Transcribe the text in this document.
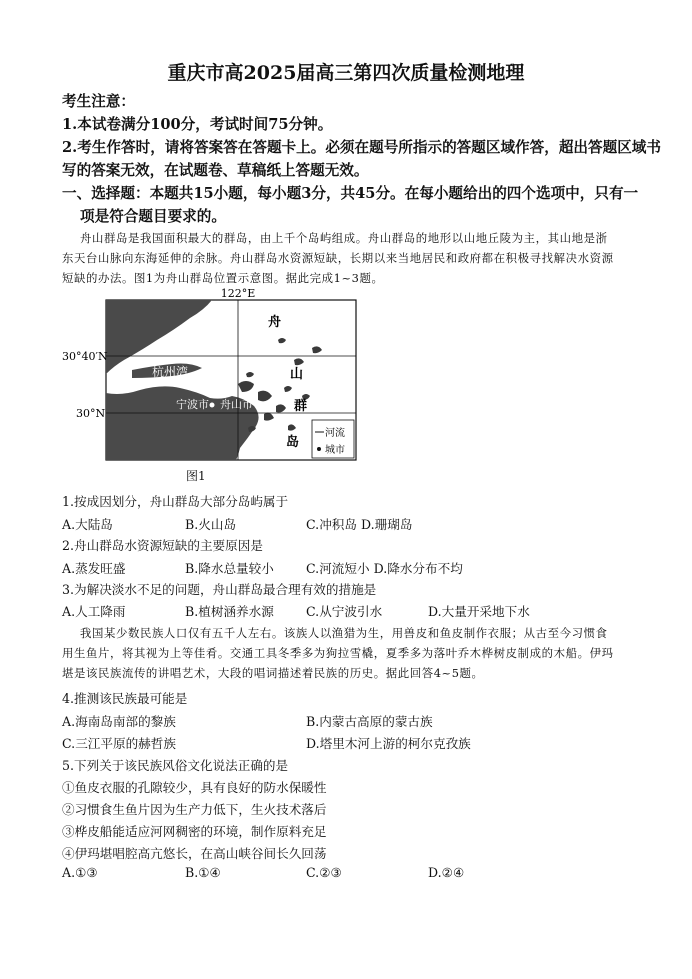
重庆市高2025届高三第四次质量检测地理
考生注意：
1.本试卷满分100分，考试时间75分钟。
2.考生作答时，请将答案答在答题卡上。必须在题号所指示的答题区域作答，超出答题区域书
写的答案无效，在试题卷、草稿纸上答题无效。
一、选择题：本题共15小题，每小题3分，共45分。在每小题给出的四个选项中，只有一
项是符合题目要求的。
舟山群岛是我国面积最大的群岛，由上千个岛屿组成。舟山群岛的地形以山地丘陵为主，其山地是浙
东天台山脉向东海延伸的余脉。舟山群岛水资源短缺，长期以来当地居民和政府都在积极寻找解决水资源
短缺的办法。图1为舟山群岛位置示意图。据此完成1~3题。
122°E
30°40′N
30°N
杭州湾
宁波市 舟山市
舟
山
群
岛
河流
城市
图1
1.按成因划分，舟山群岛大部分岛屿属于
A.大陆岛	B.火山岛	C.冲积岛 D.珊瑚岛
2.舟山群岛水资源短缺的主要原因是
A.蒸发旺盛	B.降水总量较小	C.河流短小 D.降水分布不均
3.为解决淡水不足的问题，舟山群岛最合理有效的措施是
A.人工降雨	B.植树涵养水源	C.从宁波引水	D.大量开采地下水
我国某少数民族人口仅有五千人左右。该族人以渔猎为生，用兽皮和鱼皮制作衣服；从古至今习惯食
用生鱼片，将其视为上等佳肴。交通工具冬季多为狗拉雪橇，夏季多为落叶乔木桦树皮制成的木船。伊玛
堪是该民族流传的讲唱艺术，大段的唱词描述着民族的历史。据此回答4~5题。
4.推测该民族最可能是
A.海南岛南部的黎族	B.内蒙古高原的蒙古族
C.三江平原的赫哲族	D.塔里木河上游的柯尔克孜族
5.下列关于该民族风俗文化说法正确的是
①鱼皮衣服的孔隙较少，具有良好的防水保暖性
②习惯食生鱼片因为生产力低下，生火技术落后
③桦皮船能适应河网稠密的环境，制作原料充足
④伊玛堪唱腔高亢悠长，在高山峡谷间长久回荡
A.①③	B.①④	C.②③	D.②④
